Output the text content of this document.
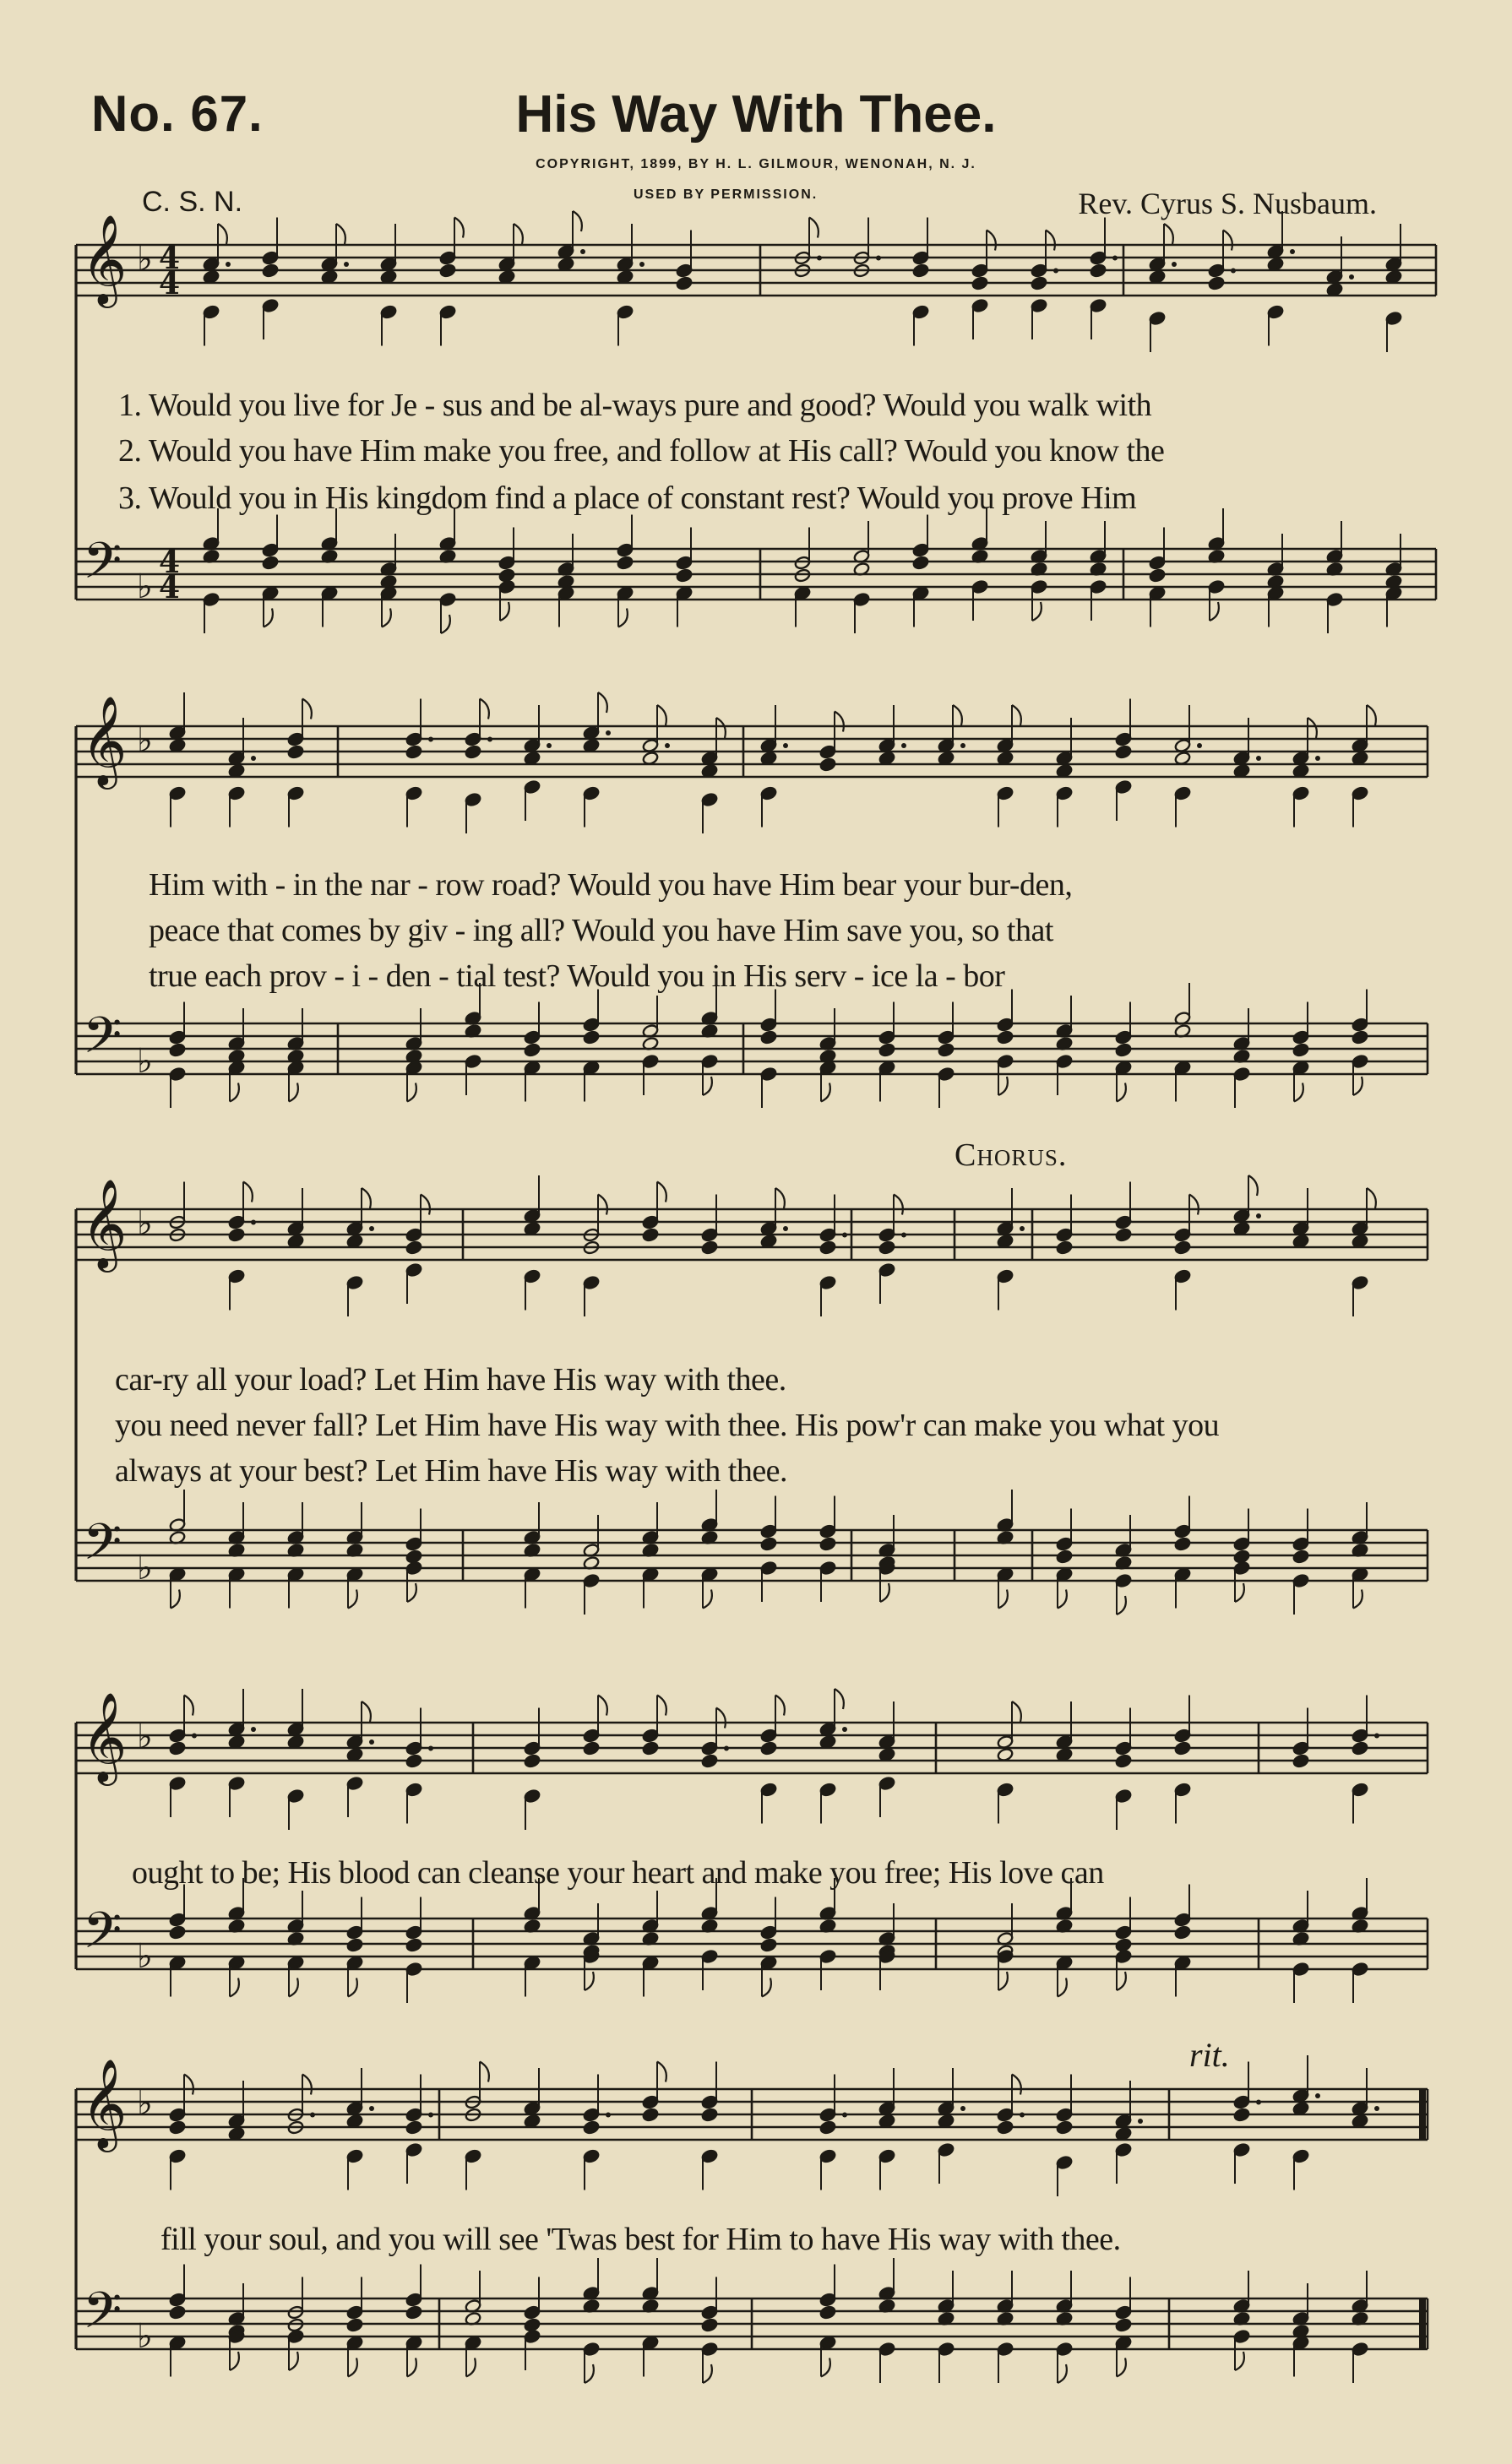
No. 67.	His Way With Thee.
COPYRIGHT, 1899, BY H. L. GILMOUR, WENONAH, N. J.
USED BY PERMISSION.
C. S. N.	Rev. Cyrus S. Nusbaum.
𝄞
𝄢
♭
♭
4
4
4
4
𝄞
𝄢
♭
♭
𝄞
𝄢
♭
♭
𝄞
𝄢
♭
♭
𝄞
𝄢
♭
♭
1. Would you live for Je - sus and be al-ways pure and good? Would you walk with
2. Would you have Him make you free, and follow at His call? Would you know the
3. Would you in His kingdom find a place of constant rest? Would you prove Him
Him with - in the nar - row road? Would you have Him bear your bur-den,
peace that comes by giv - ing all? Would you have Him save you, so that
true each prov - i - den - tial test? Would you in His serv - ice la - bor
Chorus.
car-ry all your load? Let Him have His way with thee.
you need never fall? Let Him have His way with thee. His pow'r can make you what you
always at your best? Let Him have His way with thee.
ought to be; His blood can cleanse your heart and make you free; His love can
rit.
fill your soul, and you will see 'Twas best for Him to have His way with thee.
